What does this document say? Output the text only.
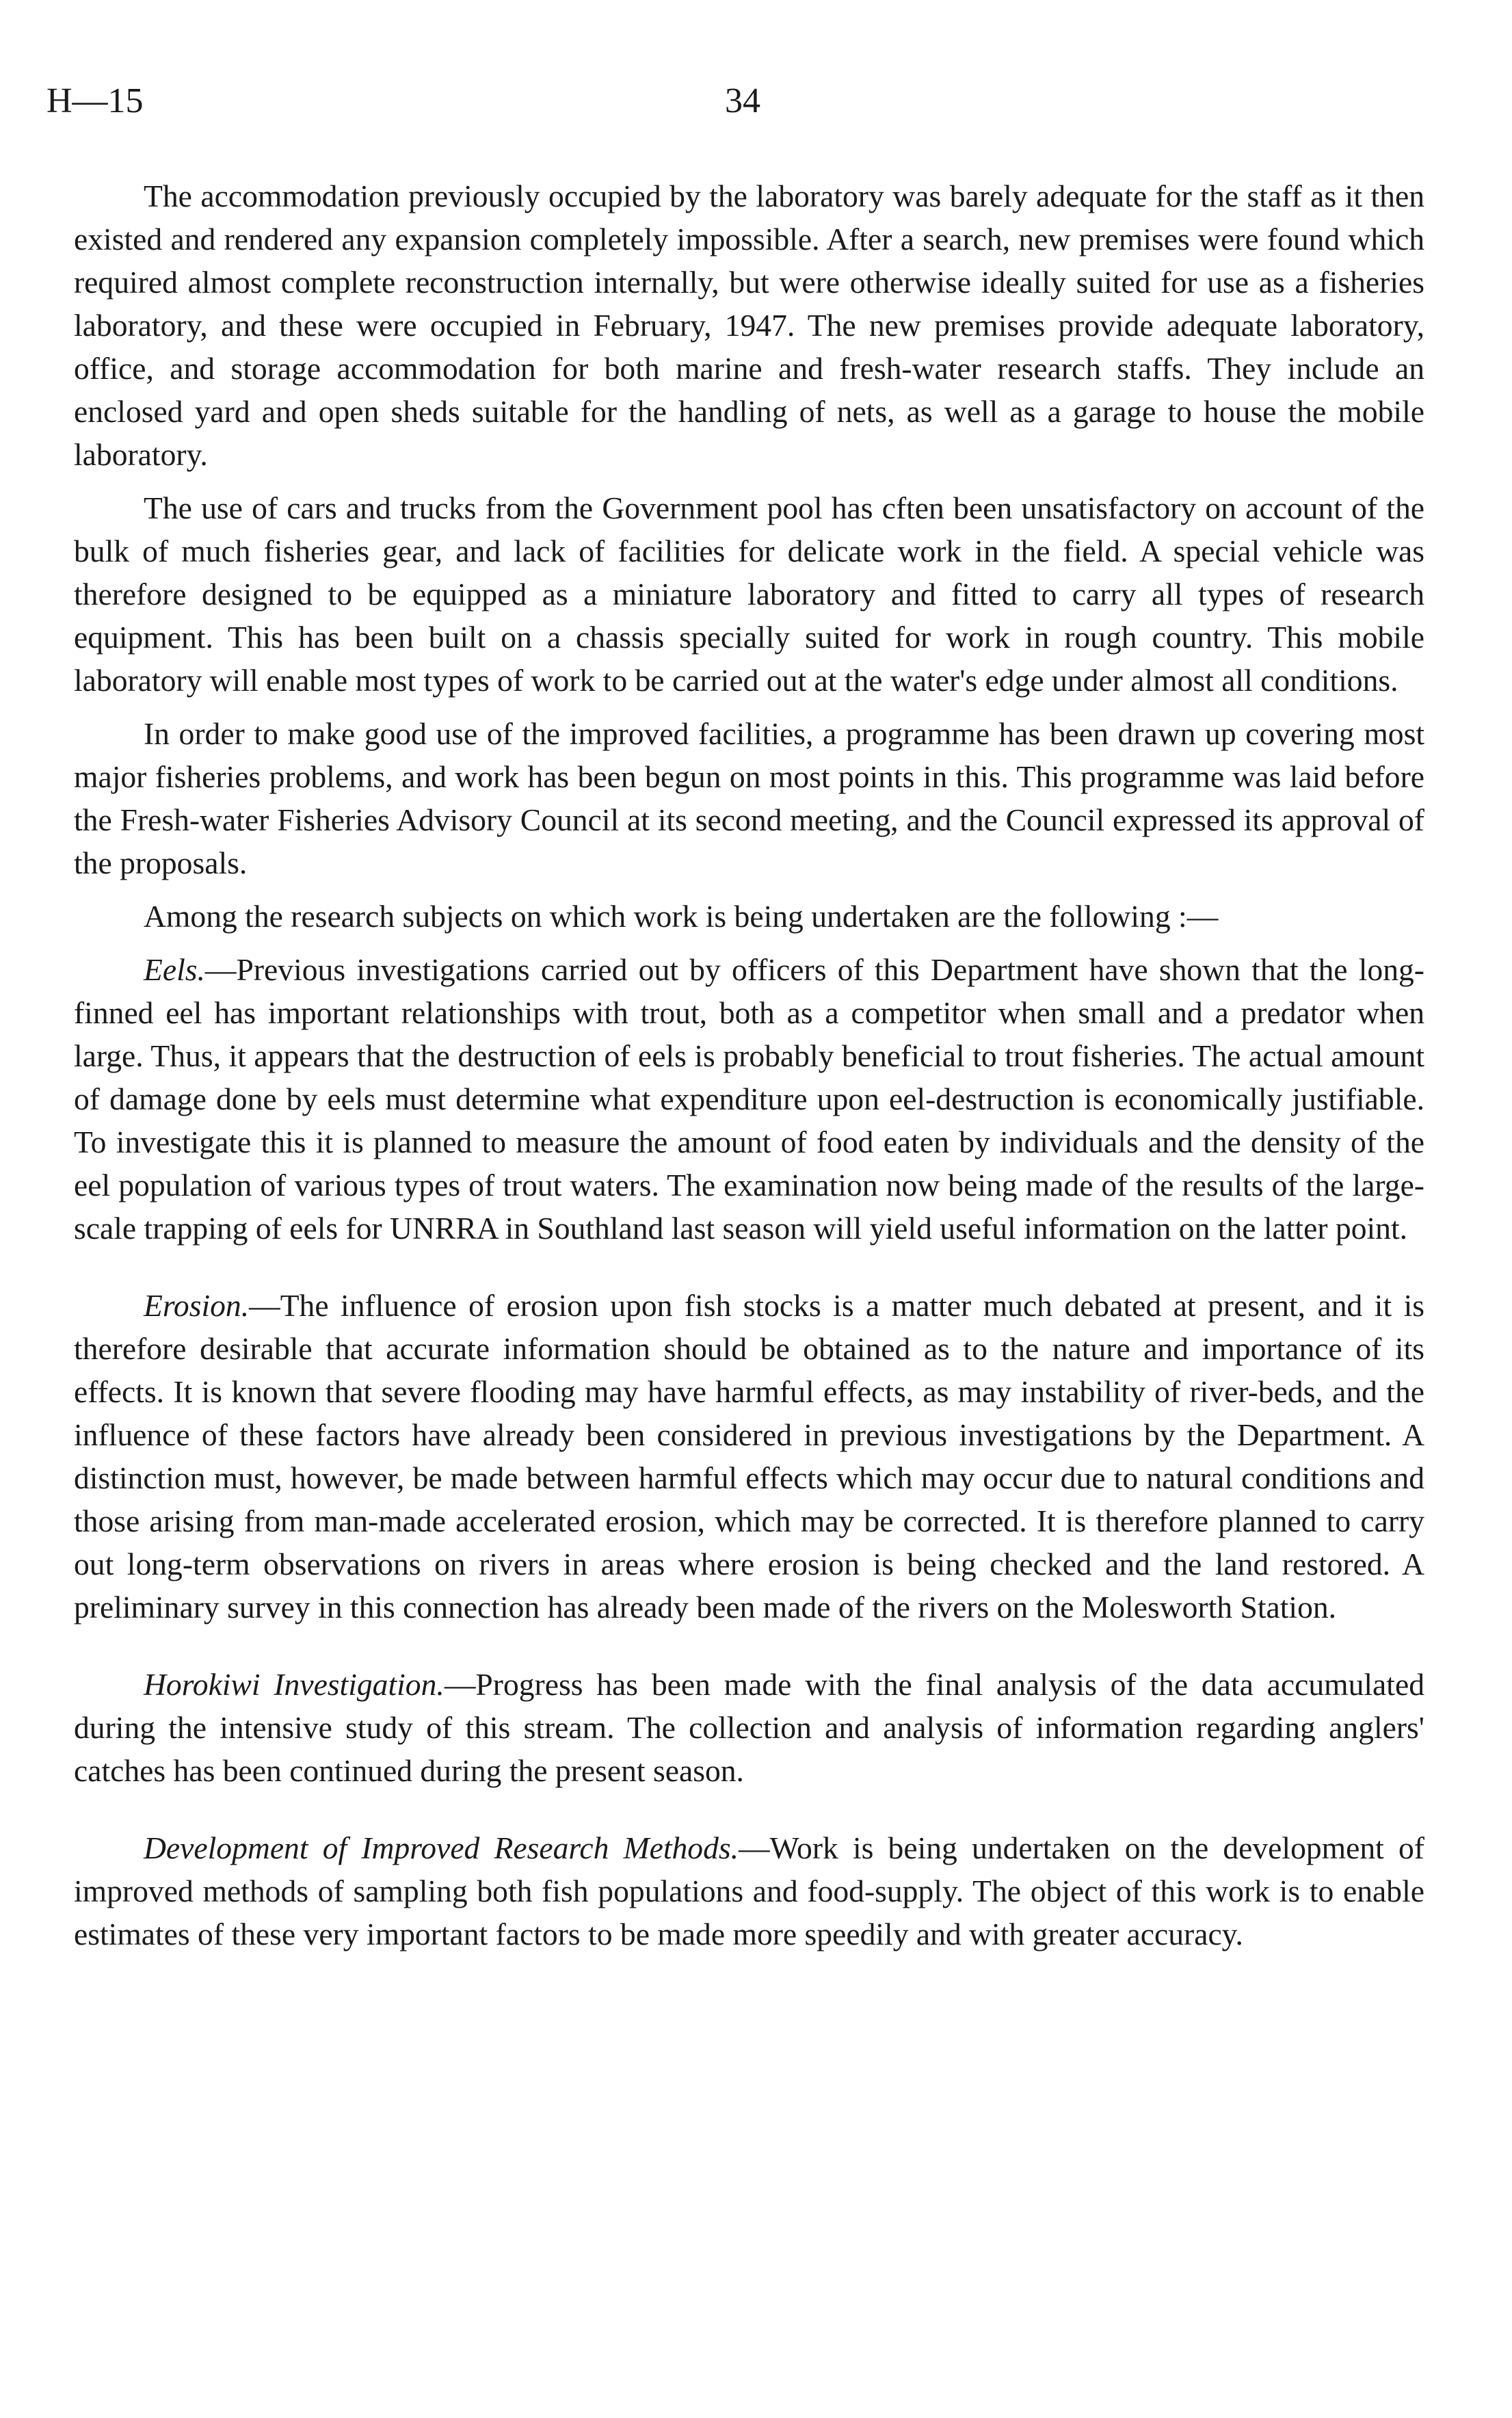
H—15	34

The accommodation previously occupied by the laboratory was barely adequate for the staff as it then existed and rendered any expansion completely impossible. After a search, new premises were found which required almost complete reconstruction internally, but were otherwise ideally suited for use as a fisheries laboratory, and these were occupied in February, 1947. The new premises provide adequate laboratory, office, and storage accommodation for both marine and fresh-water research staffs. They include an enclosed yard and open sheds suitable for the handling of nets, as well as a garage to house the mobile laboratory.

The use of cars and trucks from the Government pool has cften been unsatisfactory on account of the bulk of much fisheries gear, and lack of facilities for delicate work in the field. A special vehicle was therefore designed to be equipped as a miniature laboratory and fitted to carry all types of research equipment. This has been built on a chassis specially suited for work in rough country. This mobile laboratory will enable most types of work to be carried out at the water's edge under almost all conditions.

In order to make good use of the improved facilities, a programme has been drawn up covering most major fisheries problems, and work has been begun on most points in this. This programme was laid before the Fresh-water Fisheries Advisory Council at its second meeting, and the Council expressed its approval of the proposals.

Among the research subjects on which work is being undertaken are the following :—

Eels.—Previous investigations carried out by officers of this Department have shown that the long-finned eel has important relationships with trout, both as a competitor when small and a predator when large. Thus, it appears that the destruction of eels is probably beneficial to trout fisheries. The actual amount of damage done by eels must determine what expenditure upon eel-destruction is economically justifiable. To investigate this it is planned to measure the amount of food eaten by individuals and the density of the eel population of various types of trout waters. The examination now being made of the results of the large-scale trapping of eels for UNRRA in Southland last season will yield useful information on the latter point.

Erosion.—The influence of erosion upon fish stocks is a matter much debated at present, and it is therefore desirable that accurate information should be obtained as to the nature and importance of its effects. It is known that severe flooding may have harmful effects, as may instability of river-beds, and the influence of these factors have already been considered in previous investigations by the Department. A distinction must, however, be made between harmful effects which may occur due to natural conditions and those arising from man-made accelerated erosion, which may be corrected. It is therefore planned to carry out long-term observations on rivers in areas where erosion is being checked and the land restored. A preliminary survey in this connection has already been made of the rivers on the Molesworth Station.

Horokiwi Investigation.—Progress has been made with the final analysis of the data accumulated during the intensive study of this stream. The collection and analysis of information regarding anglers' catches has been continued during the present season.

Development of Improved Research Methods.—Work is being undertaken on the development of improved methods of sampling both fish populations and food-supply. The object of this work is to enable estimates of these very important factors to be made more speedily and with greater accuracy.
